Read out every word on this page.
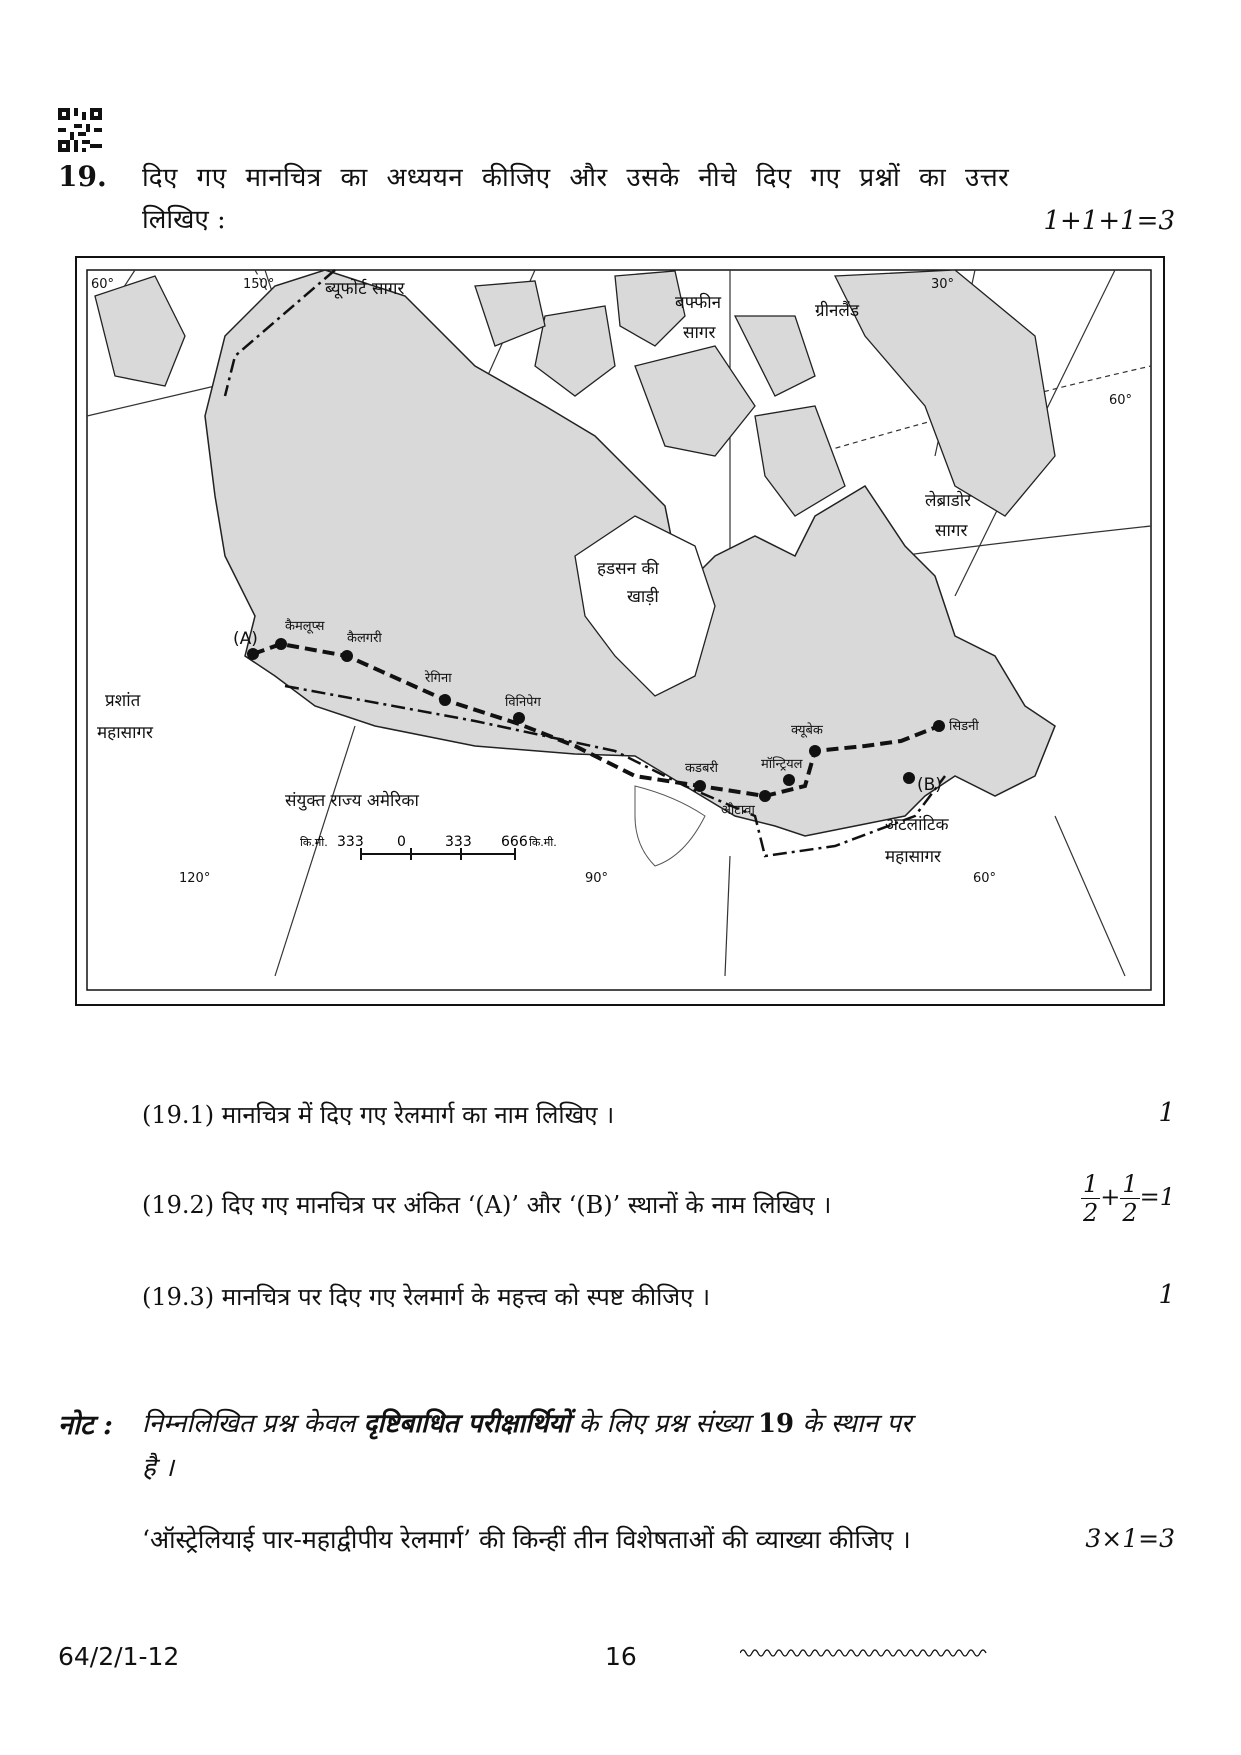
19. दिए गए मानचित्र का अध्ययन कीजिए और उसके नीचे दिए गए प्रश्नों का उत्तर
लिखिए :	1+1+1=3
ब्यूफोर्ट सागर
बफ्फीन
सागर
ग्रीनलैंड
लेब्राडोर
सागर
हडसन की
खाड़ी
प्रशांत
महासागर
संयुक्त राज्य अमेरिका
अटलांटिक
महासागर
60°	150°	30°
60°
120°	90°	60°
कैमलूप्स
कैलगरी
रेगिना
विनिपेग
कडबरी
क्यूबेक
मॉन्ट्रियल
ओटावा
सिडनी
(A)
(B)
कि.मी. 333 0	333 666 कि.मी.
(19.1) मानचित्र में दिए गए रेलमार्ग का नाम लिखिए ।	1
(19.2) दिए गए मानचित्र पर अंकित ‘(A)’ और ‘(B)’ स्थानों के नाम लिखिए ।	$\frac{1}{2} + \frac{1}{2} =1$
(19.3) मानचित्र पर दिए गए रेलमार्ग के महत्त्व को स्पष्ट कीजिए ।	1
नोट : निम्नलिखित प्रश्न केवल दृष्टिबाधित परीक्षार्थियों के लिए प्रश्न संख्या 19 के स्थान पर
है ।
‘ऑस्ट्रेलियाई पार-महाद्वीपीय रेलमार्ग’ की किन्हीं तीन विशेषताओं की व्याख्या कीजिए ।	3×1=3
64/2/1-12	16
